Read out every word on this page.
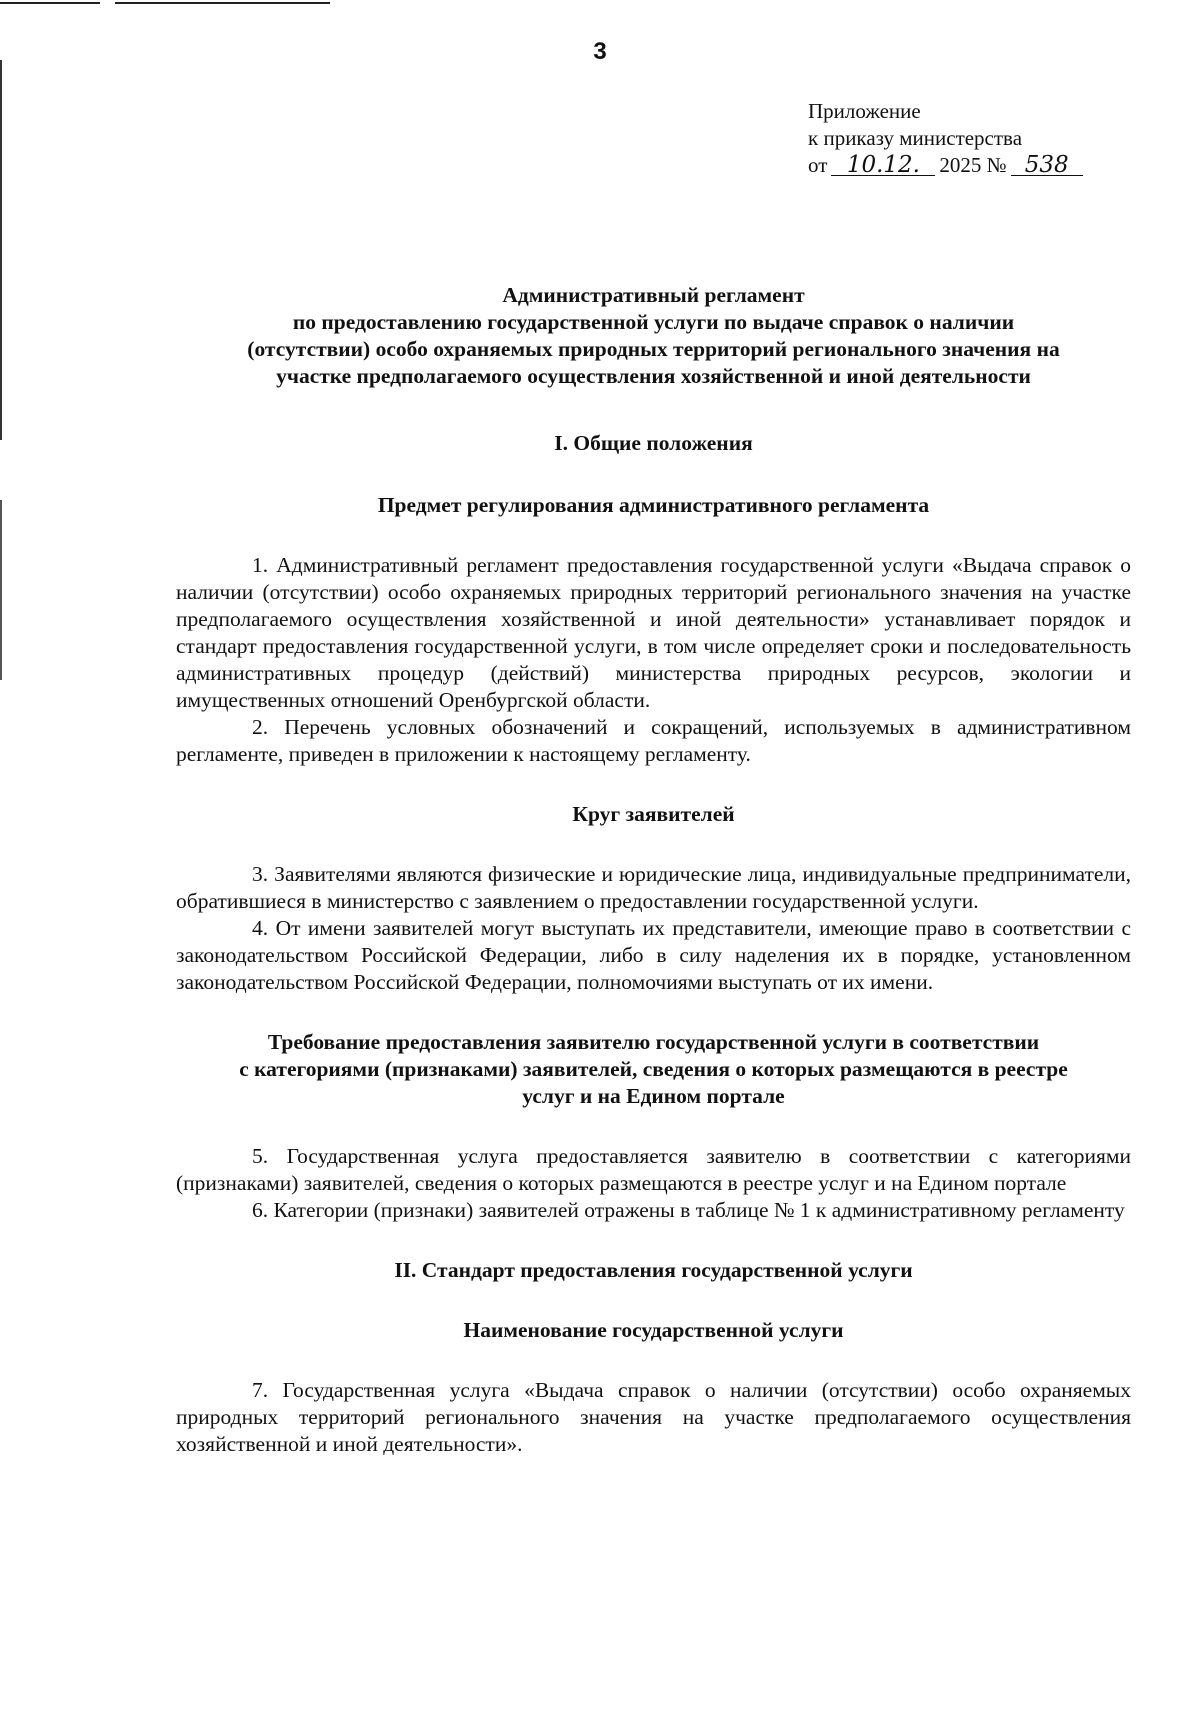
3
Приложение
к приказу министерства
от 10.12. 2025 № 538
Административный регламент
по предоставлению государственной услуги по выдаче справок о наличии
(отсутствии) особо охраняемых природных территорий регионального значения на
участке предполагаемого осуществления хозяйственной и иной деятельности
I. Общие положения
Предмет регулирования административного регламента

1. Административный регламент предоставления государственной услуги «Выдача справок о наличии (отсутствии) особо охраняемых природных территорий регионального значения на участке предполагаемого осуществления хозяйственной и иной деятельности» устанавливает порядок и стандарт предоставления государственной услуги, в том числе определяет сроки и последовательность административных процедур (действий) министерства природных ресурсов, экологии и имущественных отношений Оренбургской области.

2. Перечень условных обозначений и сокращений, используемых в административном регламенте, приведен в приложении к настоящему регламенту.

Круг заявителей

3. Заявителями являются физические и юридические лица, индивидуальные предприниматели, обратившиеся в министерство с заявлением о предоставлении государственной услуги.

4. От имени заявителей могут выступать их представители, имеющие право в соответствии с законодательством Российской Федерации, либо в силу наделения их в порядке, установленном законодательством Российской Федерации, полномочиями выступать от их имени.

Требование предоставления заявителю государственной услуги в соответствии
с категориями (признаками) заявителей, сведения о которых размещаются в реестре
услуг и на Едином портале

5. Государственная услуга предоставляется заявителю в соответствии с категориями (признаками) заявителей, сведения о которых размещаются в реестре услуг и на Едином портале

6. Категории (признаки) заявителей отражены в таблице № 1 к административному регламенту

II. Стандарт предоставления государственной услуги
Наименование государственной услуги

7. Государственная услуга «Выдача справок о наличии (отсутствии) особо охраняемых природных территорий регионального значения на участке предполагаемого осуществления хозяйственной и иной деятельности».
